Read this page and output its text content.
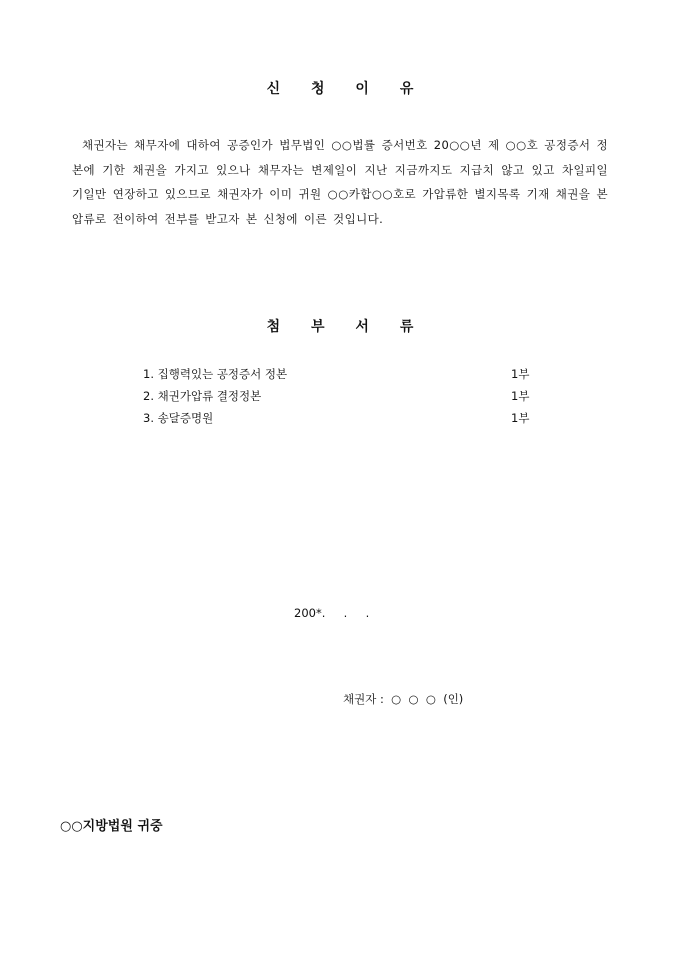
신 청 이 유
채권자는 채무자에 대하여 공증인가 법무법인 ○○법률 증서번호 20○○년 제 ○○호 공정증서 정본에 기한 채권을 가지고 있으나 채무자는 변제일이 지난 지금까지도 지급치 않고 있고 차일피일 기일만 연장하고 있으므로 채권자가 이미 귀원 ○○카합○○호로 가압류한 별지목록 기재 채권을 본압류로 전이하여 전부를 받고자 본 신청에 이른 것입니다.
첨 부 서 류
1. 집행력있는 공정증서 정본	1부
2. 채권가압류 결정정본	1부
3. 송달증명원	1부
200*.     .     .
채권자 :  ○  ○  ○  (인)
○○지방법원 귀중
